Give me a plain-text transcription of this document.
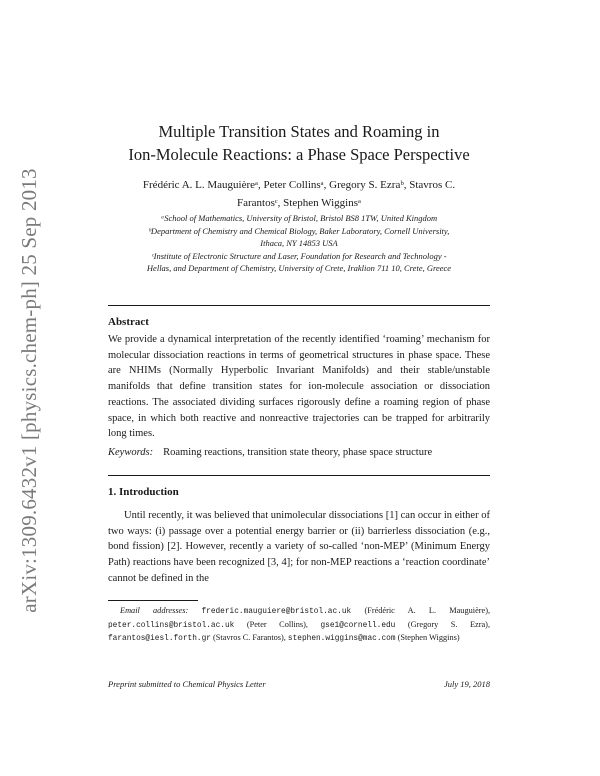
arXiv:1309.6432v1 [physics.chem-ph] 25 Sep 2013
Multiple Transition States and Roaming in
Ion-Molecule Reactions: a Phase Space Perspective
Frédéric A. L. Mauguièreᵃ, Peter Collinsᵃ, Gregory S. Ezraᵇ, Stavros C.
Farantosᶜ, Stephen Wigginsᵃ
ᵃSchool of Mathematics, University of Bristol, Bristol BS8 1TW, United Kingdom
ᵇDepartment of Chemistry and Chemical Biology, Baker Laboratory, Cornell University,
Ithaca, NY 14853 USA
ᶜInstitute of Electronic Structure and Laser, Foundation for Research and Technology -
Hellas, and Department of Chemistry, University of Crete, Iraklion 711 10, Crete, Greece
Abstract

We provide a dynamical interpretation of the recently identified ‘roaming’ mechanism for molecular dissociation reactions in terms of geometrical structures in phase space. These are NHIMs (Normally Hyperbolic Invariant Manifolds) and their stable/unstable manifolds that define transition states for ion-molecule association or dissociation reactions. The associated dividing surfaces rigorously define a roaming region of phase space, in which both reactive and nonreactive trajectories can be trapped for arbitrarily long times.

Keywords: Roaming reactions, transition state theory, phase space structure
1. Introduction

Until recently, it was believed that unimolecular dissociations [1] can occur in either of two ways: (i) passage over a potential energy barrier or (ii) barrierless dissociation (e.g., bond fission) [2]. However, recently a variety of so-called ‘non-MEP’ (Minimum Energy Path) reactions have been recognized [3, 4]; for non-MEP reactions a ‘reaction coordinate’ cannot be defined in the

Email addresses: frederic.mauguiere@bristol.ac.uk (Frédéric A. L. Mauguière), peter.collins@bristol.ac.uk (Peter Collins), gse1@cornell.edu (Gregory S. Ezra), farantos@iesl.forth.gr (Stavros C. Farantos), stephen.wiggins@mac.com (Stephen Wiggins)
Preprint submitted to Chemical Physics Letter	July 19, 2018
